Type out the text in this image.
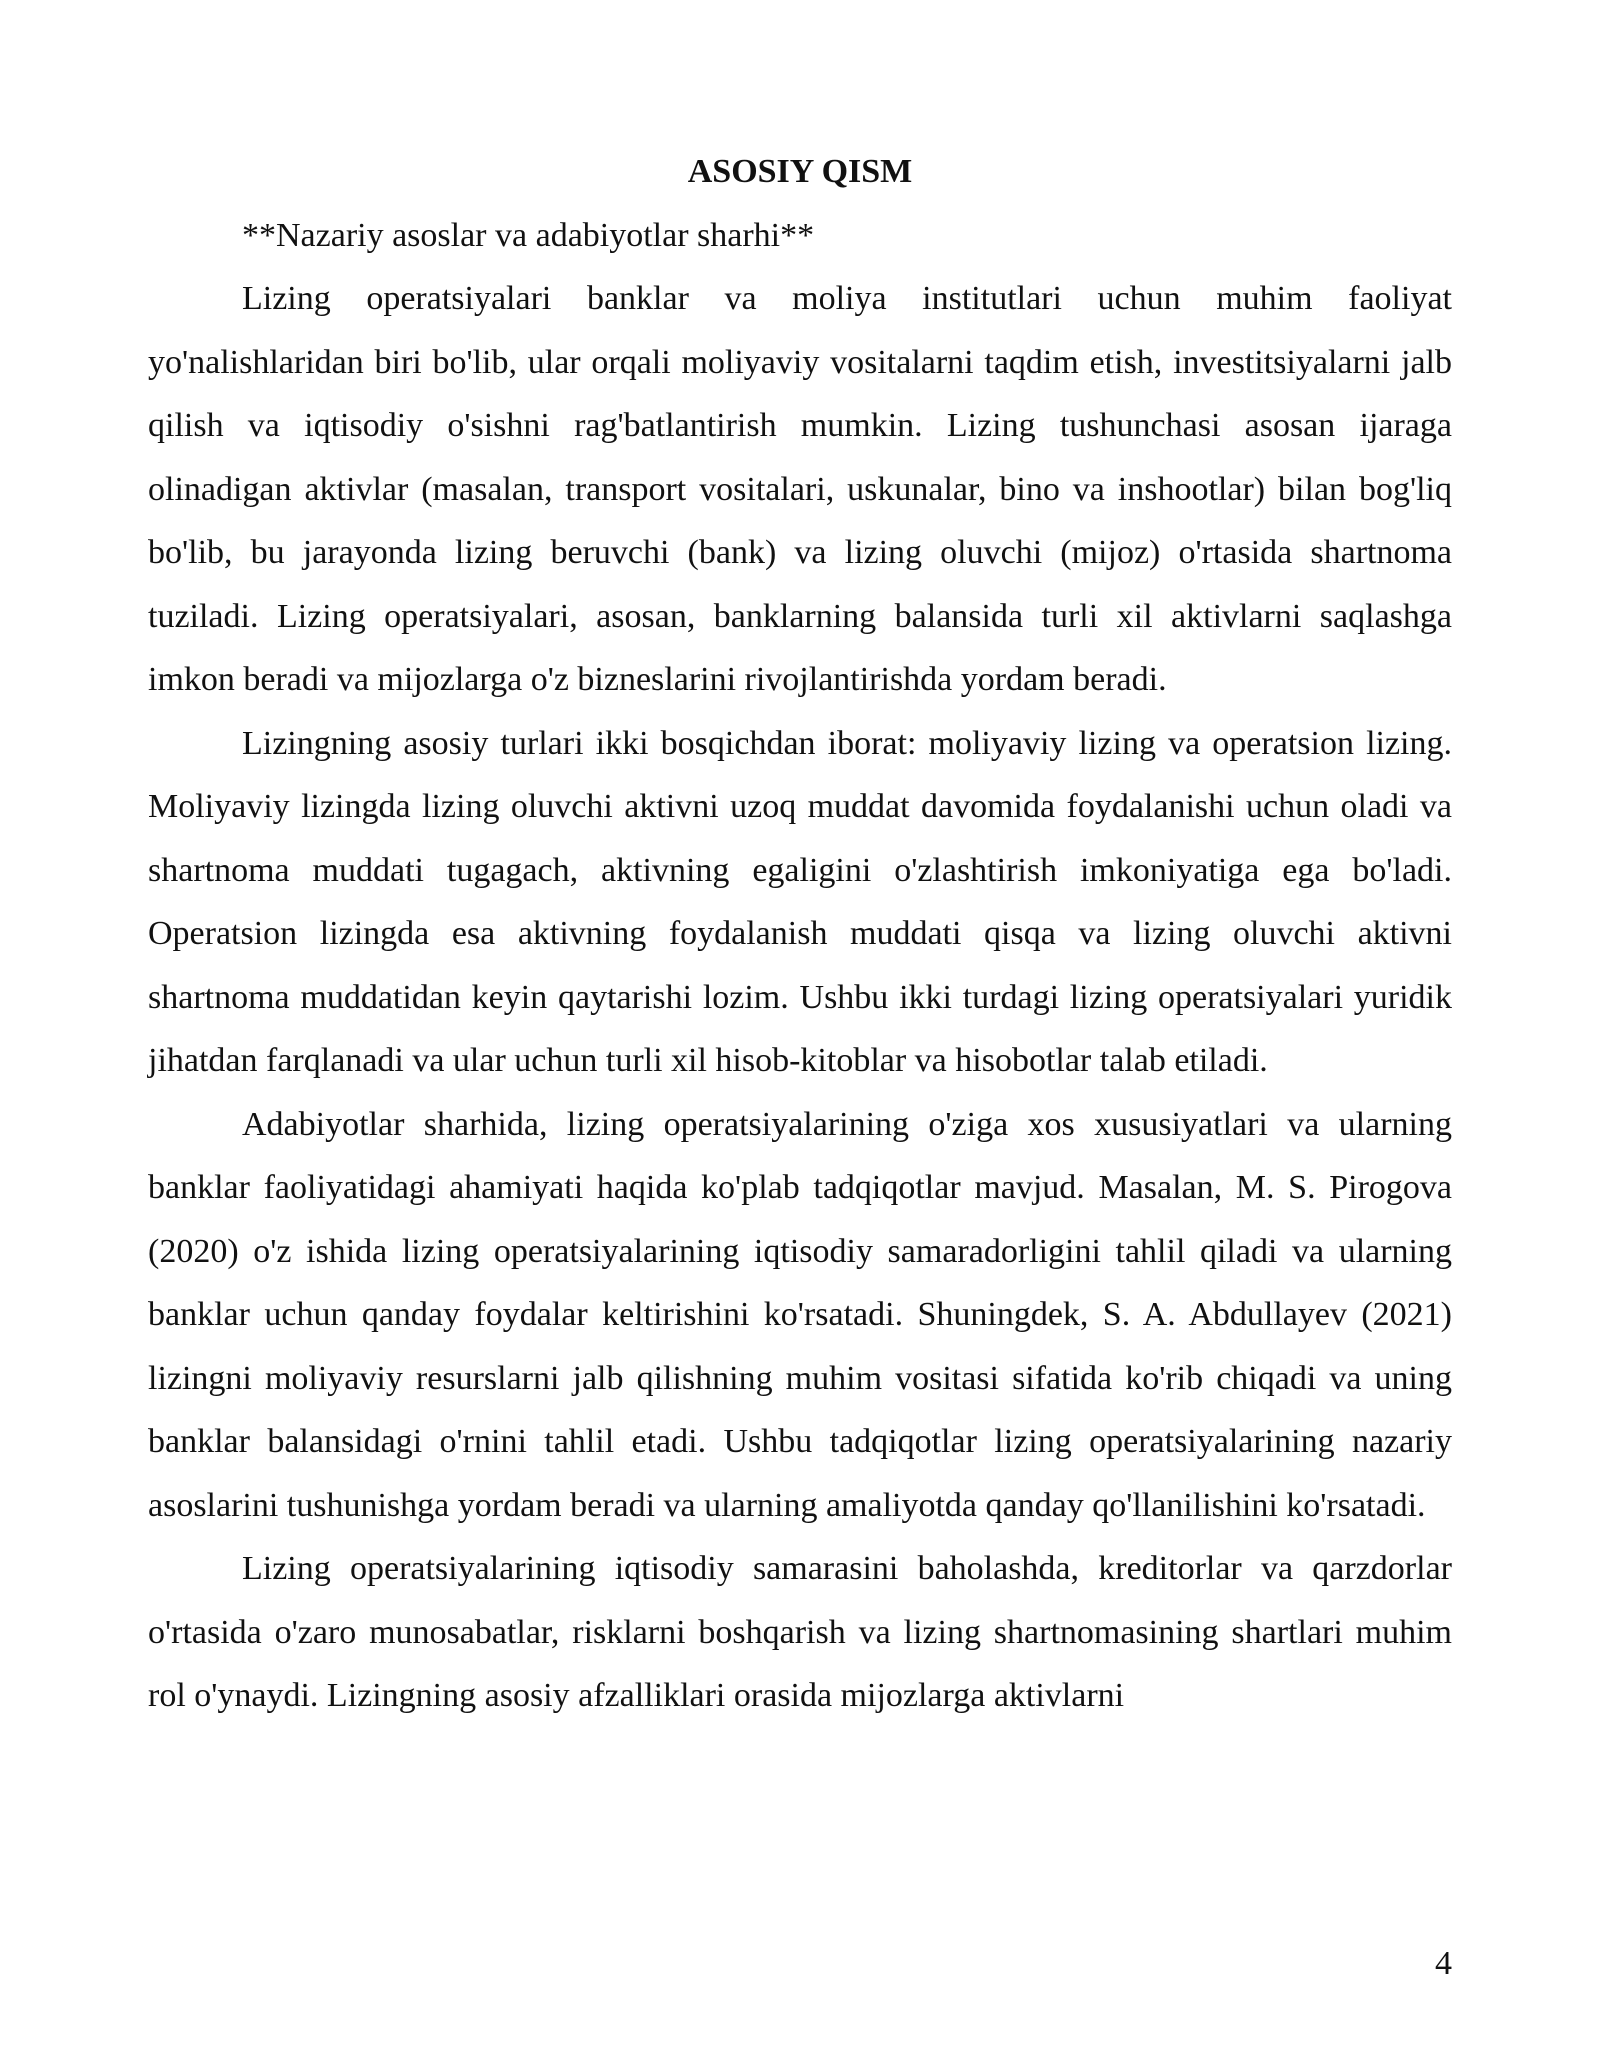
ASOSIY QISM

**Nazariy asoslar va adabiyotlar sharhi**

Lizing operatsiyalari banklar va moliya institutlari uchun muhim faoliyat yo'nalishlaridan biri bo'lib, ular orqali moliyaviy vositalarni taqdim etish, investitsiyalarni jalb qilish va iqtisodiy o'sishni rag'batlantirish mumkin. Lizing tushunchasi asosan ijaraga olinadigan aktivlar (masalan, transport vositalari, uskunalar, bino va inshootlar) bilan bog'liq bo'lib, bu jarayonda lizing beruvchi (bank) va lizing oluvchi (mijoz) o'rtasida shartnoma tuziladi. Lizing operatsiyalari, asosan, banklarning balansida turli xil aktivlarni saqlashga imkon beradi va mijozlarga o'z bizneslarini rivojlantirishda yordam beradi.

Lizingning asosiy turlari ikki bosqichdan iborat: moliyaviy lizing va operatsion lizing. Moliyaviy lizingda lizing oluvchi aktivni uzoq muddat davomida foydalanishi uchun oladi va shartnoma muddati tugagach, aktivning egaligini o'zlashtirish imkoniyatiga ega bo'ladi. Operatsion lizingda esa aktivning foydalanish muddati qisqa va lizing oluvchi aktivni shartnoma muddatidan keyin qaytarishi lozim. Ushbu ikki turdagi lizing operatsiyalari yuridik jihatdan farqlanadi va ular uchun turli xil hisob-kitoblar va hisobotlar talab etiladi.

Adabiyotlar sharhida, lizing operatsiyalarining o'ziga xos xususiyatlari va ularning banklar faoliyatidagi ahamiyati haqida ko'plab tadqiqotlar mavjud. Masalan, M. S. Pirogova (2020) o'z ishida lizing operatsiyalarining iqtisodiy samaradorligini tahlil qiladi va ularning banklar uchun qanday foydalar keltirishini ko'rsatadi. Shuningdek, S. A. Abdullayev (2021) lizingni moliyaviy resurslarni jalb qilishning muhim vositasi sifatida ko'rib chiqadi va uning banklar balansidagi o'rnini tahlil etadi. Ushbu tadqiqotlar lizing operatsiyalarining nazariy asoslarini tushunishga yordam beradi va ularning amaliyotda qanday qo'llanilishini ko'rsatadi.

Lizing operatsiyalarining iqtisodiy samarasini baholashda, kreditorlar va qarzdorlar o'rtasida o'zaro munosabatlar, risklarni boshqarish va lizing shartnomasining shartlari muhim rol o'ynaydi. Lizingning asosiy afzalliklari orasida mijozlarga aktivlarni

4
